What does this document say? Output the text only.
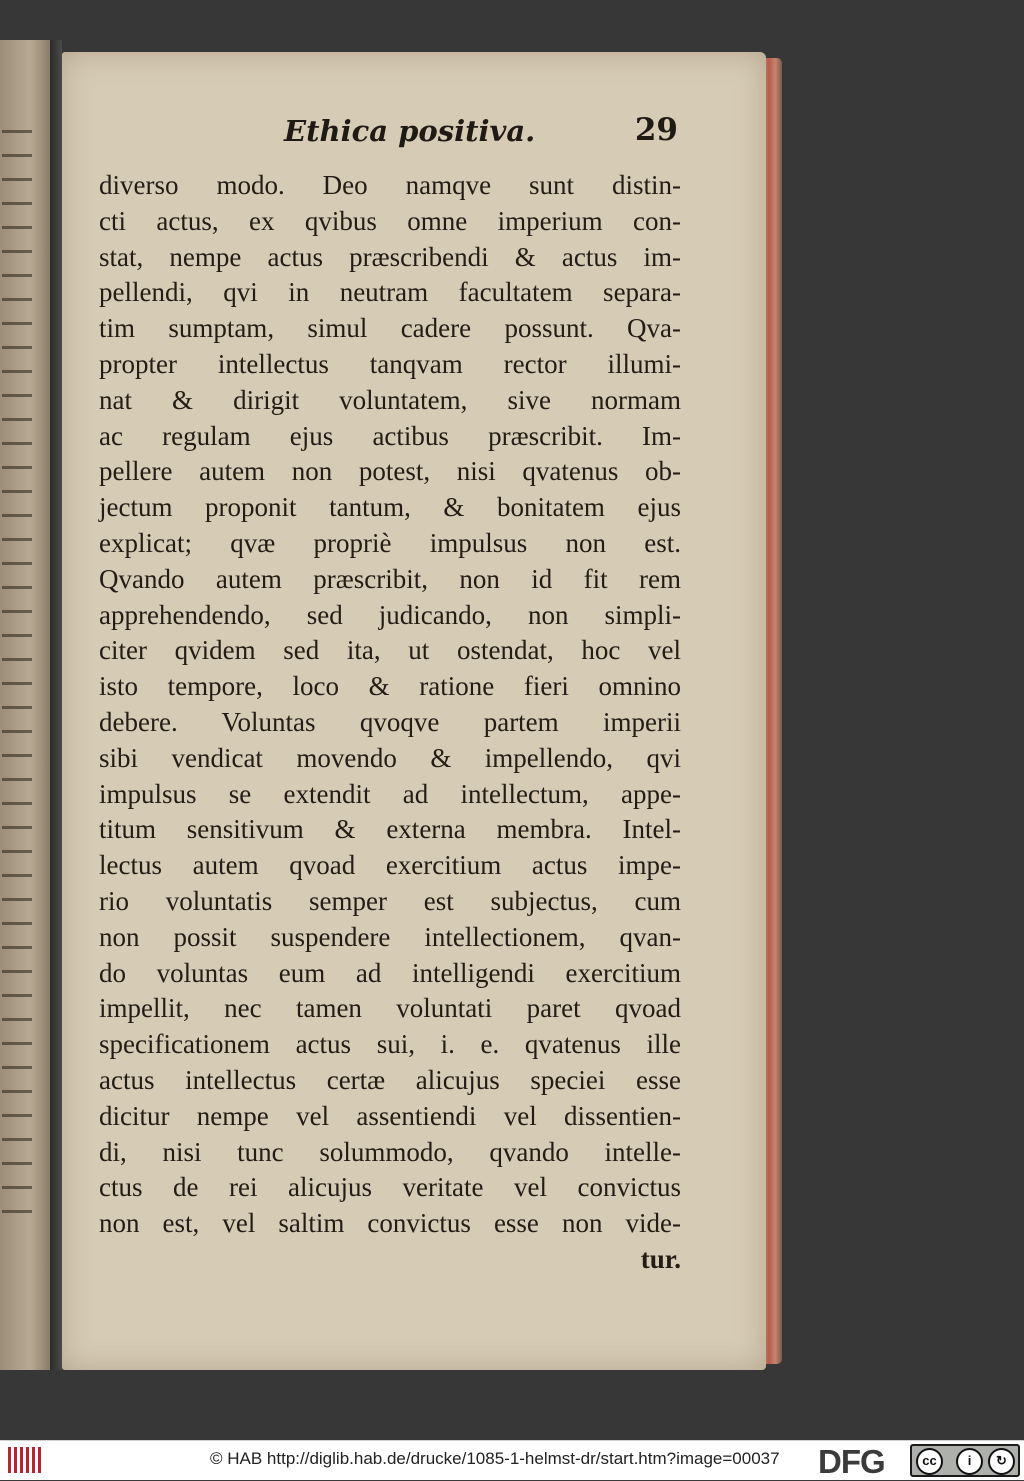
Ethica positiva.	29
diverso modo. Deo namqve sunt distin-
cti actus, ex qvibus omne imperium con-
stat, nempe actus præscribendi & actus im-
pellendi, qvi in neutram facultatem separa-
tim sumptam, simul cadere possunt. Qva-
propter intellectus tanqvam rector illumi-
nat & dirigit voluntatem, sive normam
ac regulam ejus actibus præscribit. Im-
pellere autem non potest, nisi qvatenus ob-
jectum proponit tantum, & bonitatem ejus
explicat; qvæ propriè impulsus non est.
Qvando autem præscribit, non id fit rem
apprehendendo, sed judicando, non simpli-
citer qvidem sed ita, ut ostendat, hoc vel
isto tempore, loco & ratione fieri omnino
debere. Voluntas qvoqve partem imperii
sibi vendicat movendo & impellendo, qvi
impulsus se extendit ad intellectum, appe-
titum sensitivum & externa membra. Intel-
lectus autem qvoad exercitium actus impe-
rio voluntatis semper est subjectus, cum
non possit suspendere intellectionem, qvan-
do voluntas eum ad intelligendi exercitium
impellit, nec tamen voluntati paret qvoad
specificationem actus sui, i. e. qvatenus ille
actus intellectus certæ alicujus speciei esse
dicitur nempe vel assentiendi vel dissentien-
di, nisi tunc solummodo, qvando intelle-
ctus de rei alicujus veritate vel convictus
non est, vel saltim convictus esse non vide-
tur.
© HAB http://diglib.hab.de/drucke/1085-1-helmst-dr/start.htm?image=00037 DFG	cc	i	↻
